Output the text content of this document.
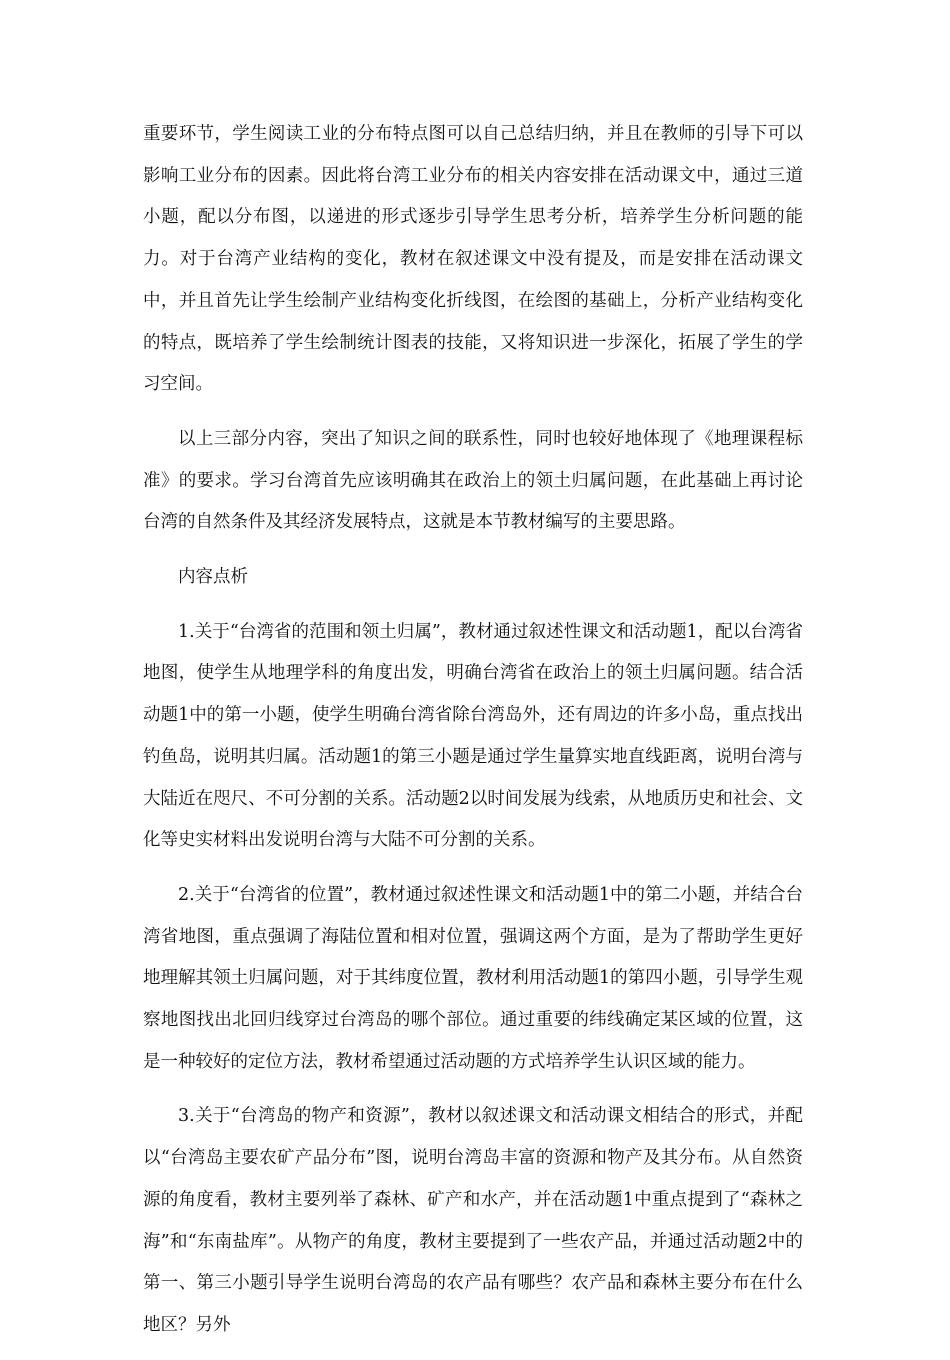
重要环节，学生阅读工业的分布特点图可以自己总结归纳，并且在教师的引导下可以影响工业分布的因素。因此将台湾工业分布的相关内容安排在活动课文中，通过三道小题，配以分布图，以递进的形式逐步引导学生思考分析，培养学生分析问题的能力。对于台湾产业结构的变化，教材在叙述课文中没有提及，而是安排在活动课文中，并且首先让学生绘制产业结构变化折线图，在绘图的基础上，分析产业结构变化的特点，既培养了学生绘制统计图表的技能，又将知识进一步深化，拓展了学生的学习空间。

以上三部分内容，突出了知识之间的联系性，同时也较好地体现了《地理课程标准》的要求。学习台湾首先应该明确其在政治上的领土归属问题，在此基础上再讨论台湾的自然条件及其经济发展特点，这就是本节教材编写的主要思路。

内容点析

1.关于“台湾省的范围和领土归属”，教材通过叙述性课文和活动题1，配以台湾省地图，使学生从地理学科的角度出发，明确台湾省在政治上的领土归属问题。结合活动题1中的第一小题，使学生明确台湾省除台湾岛外，还有周边的许多小岛，重点找出钓鱼岛，说明其归属。活动题1的第三小题是通过学生量算实地直线距离，说明台湾与大陆近在咫尺、不可分割的关系。活动题2以时间发展为线索，从地质历史和社会、文化等史实材料出发说明台湾与大陆不可分割的关系。

2.关于“台湾省的位置”，教材通过叙述性课文和活动题1中的第二小题，并结合台湾省地图，重点强调了海陆位置和相对位置，强调这两个方面，是为了帮助学生更好地理解其领土归属问题，对于其纬度位置，教材利用活动题1的第四小题，引导学生观察地图找出北回归线穿过台湾岛的哪个部位。通过重要的纬线确定某区域的位置，这是一种较好的定位方法，教材希望通过活动题的方式培养学生认识区域的能力。

3.关于“台湾岛的物产和资源”，教材以叙述课文和活动课文相结合的形式，并配以“台湾岛主要农矿产品分布”图，说明台湾岛丰富的资源和物产及其分布。从自然资源的角度看，教材主要列举了森林、矿产和水产，并在活动题1中重点提到了“森林之海”和“东南盐库”。从物产的角度，教材主要提到了一些农产品，并通过活动题2中的第一、第三小题引导学生说明台湾岛的农产品有哪些？农产品和森林主要分布在什么地区？另外
